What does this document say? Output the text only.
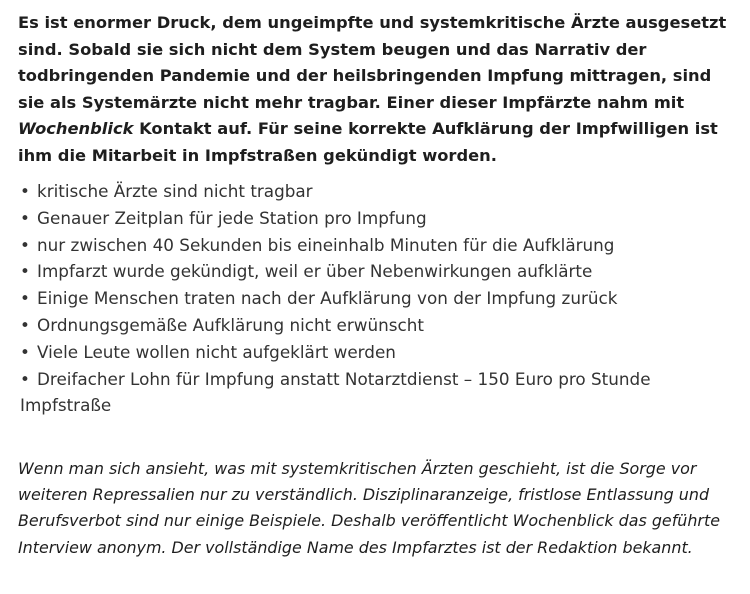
Es ist enormer Druck, dem ungeimpfte und systemkritische Ärzte ausgesetzt sind. Sobald sie sich nicht dem System beugen und das Narrativ der todbringenden Pandemie und der heilsbringenden Impfung mittragen, sind sie als Systemärzte nicht mehr tragbar. Einer dieser Impfärzte nahm mit Wochenblick Kontakt auf. Für seine korrekte Aufklärung der Impfwilligen ist ihm die Mitarbeit in Impfstraßen gekündigt worden.

• kritische Ärzte sind nicht tragbar
• Genauer Zeitplan für jede Station pro Impfung
• nur zwischen 40 Sekunden bis eineinhalb Minuten für die Aufklärung
• Impfarzt wurde gekündigt, weil er über Nebenwirkungen aufklärte
• Einige Menschen traten nach der Aufklärung von der Impfung zurück
• Ordnungsgemäße Aufklärung nicht erwünscht
• Viele Leute wollen nicht aufgeklärt werden
• Dreifacher Lohn für Impfung anstatt Notarztdienst – 150 Euro pro Stunde Impfstraße

Wenn man sich ansieht, was mit systemkritischen Ärzten geschieht, ist die Sorge vor weiteren Repressalien nur zu verständlich. Disziplinaranzeige, fristlose Entlassung und Berufsverbot sind nur einige Beispiele. Deshalb veröffentlicht Wochenblick das geführte Interview anonym. Der vollständige Name des Impfarztes ist der Redaktion bekannt.
